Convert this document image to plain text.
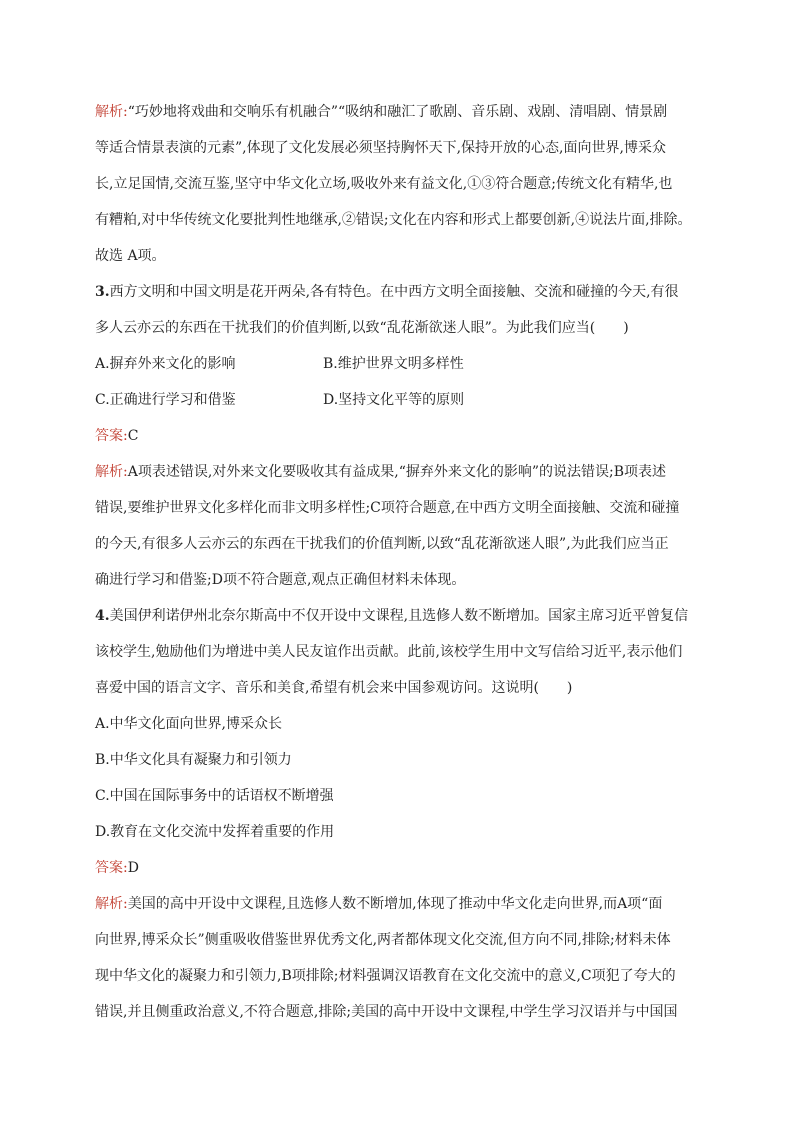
解析:“巧妙地将戏曲和交响乐有机融合”“吸纳和融汇了歌剧、音乐剧、戏剧、清唱剧、情景剧

等适合情景表演的元素”,体现了文化发展必须坚持胸怀天下,保持开放的心态,面向世界,博采众

长,立足国情,交流互鉴,坚守中华文化立场,吸收外来有益文化,①③符合题意;传统文化有精华,也

有糟粕,对中华传统文化要批判性地继承,②错误;文化在内容和形式上都要创新,④说法片面,排除。

故选 A项。

3.西方文明和中国文明是花开两朵,各有特色。在中西方文明全面接触、交流和碰撞的今天,有很

多人云亦云的东西在干扰我们的价值判断,以致“乱花渐欲迷人眼”。为此我们应当(　　)

A.摒弃外来文化的影响	B.维护世界文明多样性
C.正确进行学习和借鉴	D.坚持文化平等的原则

答案:C

解析:A项表述错误,对外来文化要吸收其有益成果,“摒弃外来文化的影响”的说法错误;B项表述

错误,要维护世界文化多样化而非文明多样性;C项符合题意,在中西方文明全面接触、交流和碰撞

的今天,有很多人云亦云的东西在干扰我们的价值判断,以致“乱花渐欲迷人眼”,为此我们应当正

确进行学习和借鉴;D项不符合题意,观点正确但材料未体现。

4.美国伊利诺伊州北奈尔斯高中不仅开设中文课程,且选修人数不断增加。国家主席习近平曾复信

该校学生,勉励他们为增进中美人民友谊作出贡献。此前,该校学生用中文写信给习近平,表示他们

喜爱中国的语言文字、音乐和美食,希望有机会来中国参观访问。这说明(　　)

A.中华文化面向世界,博采众长
B.中华文化具有凝聚力和引领力
C.中国在国际事务中的话语权不断增强
D.教育在文化交流中发挥着重要的作用

答案:D

解析:美国的高中开设中文课程,且选修人数不断增加,体现了推动中华文化走向世界,而A项“面

向世界,博采众长”侧重吸收借鉴世界优秀文化,两者都体现文化交流,但方向不同,排除;材料未体

现中华文化的凝聚力和引领力,B项排除;材料强调汉语教育在文化交流中的意义,C项犯了夸大的

错误,并且侧重政治意义,不符合题意,排除;美国的高中开设中文课程,中学生学习汉语并与中国国
